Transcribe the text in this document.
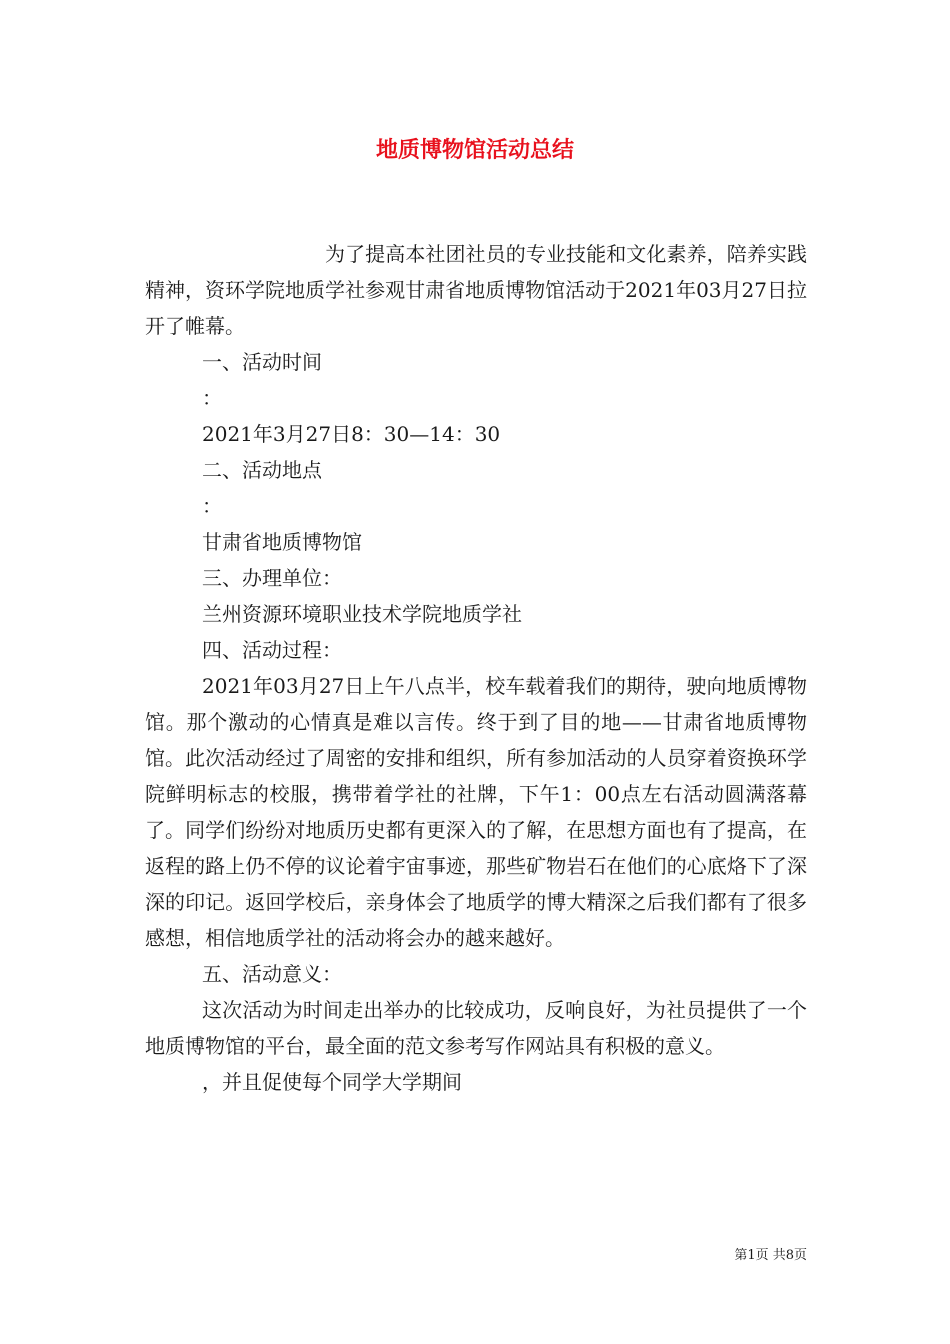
地质博物馆活动总结

为了提高本社团社员的专业技能和文化素养，陪养实践精神，资环学院地质学社参观甘肃省地质博物馆活动于2021年03月27日拉开了帷幕。

一、活动时间

：

2021年3月27日8：30—14：30

二、活动地点

：

甘肃省地质博物馆

三、办理单位：

兰州资源环境职业技术学院地质学社

四、活动过程：

2021年03月27日上午八点半，校车载着我们的期待，驶向地质博物馆。那个激动的心情真是难以言传。终于到了目的地——甘肃省地质博物馆。此次活动经过了周密的安排和组织，所有参加活动的人员穿着资换环学院鲜明标志的校服，携带着学社的社牌，下午1：00点左右活动圆满落幕了。同学们纷纷对地质历史都有更深入的了解，在思想方面也有了提高，在返程的路上仍不停的议论着宇宙事迹，那些矿物岩石在他们的心底烙下了深深的印记。返回学校后，亲身体会了地质学的博大精深之后我们都有了很多感想，相信地质学社的活动将会办的越来越好。

五、活动意义：

这次活动为时间走出举办的比较成功，反响良好，为社员提供了一个地质博物馆的平台，最全面的范文参考写作网站具有积极的意义。

，并且促使每个同学大学期间

第1页 共8页
